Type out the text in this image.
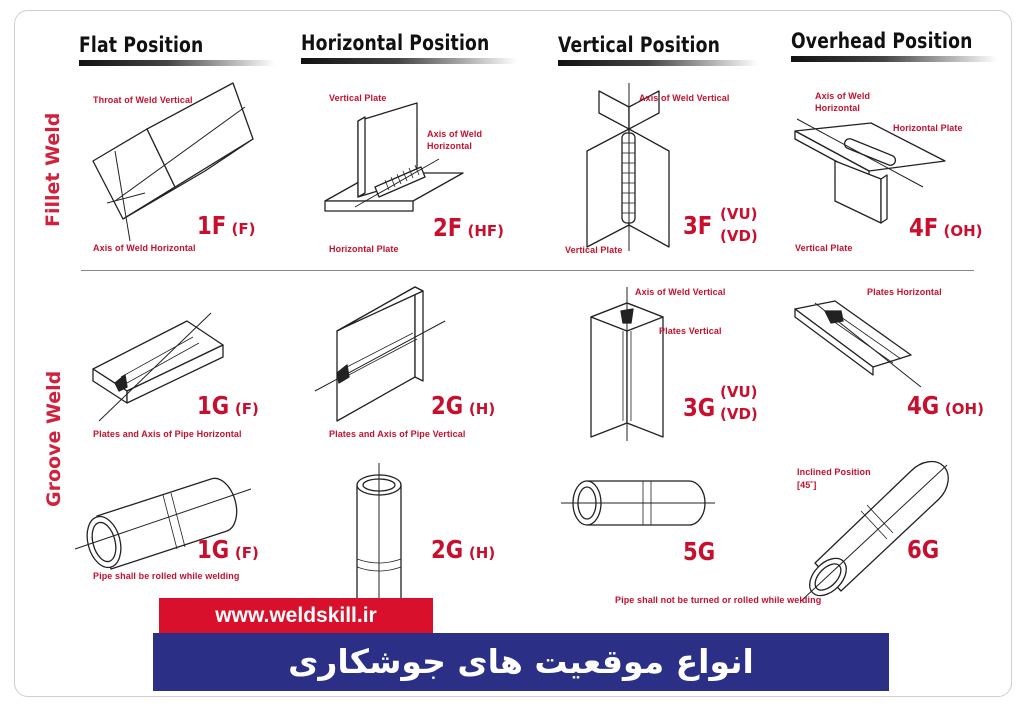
Flat Position	Horizontal Position	Vertical Position	Overhead Position
Fillet Weld
Groove Weld
Throat of Weld Vertical
Axis of Weld Horizontal
1F (F)
Vertical Plate
Axis of Weld
Horizontal
Horizontal Plate
2F (HF)
Axis of Weld Vertical
Vertical Plate
3F (VU)
(VD)
Axis of Weld
Horizontal
Horizontal Plate
Vertical Plate
4F (OH)
Plates and Axis of Pipe Horizontal
1G (F)
Plates and Axis of Pipe Vertical
2G (H)
Axis of Weld Vertical
Plates Vertical
3G
(VU)
(VD)
Plates Horizontal
4G (OH)
Pipe shall be rolled while welding
1G (F)	2G (H)	5G
Pipe shall not be turned or rolled while welding
Inclined Position
[45˚]
6G
www.weldskill.ir
انواع موقعیت های جوشکاری
